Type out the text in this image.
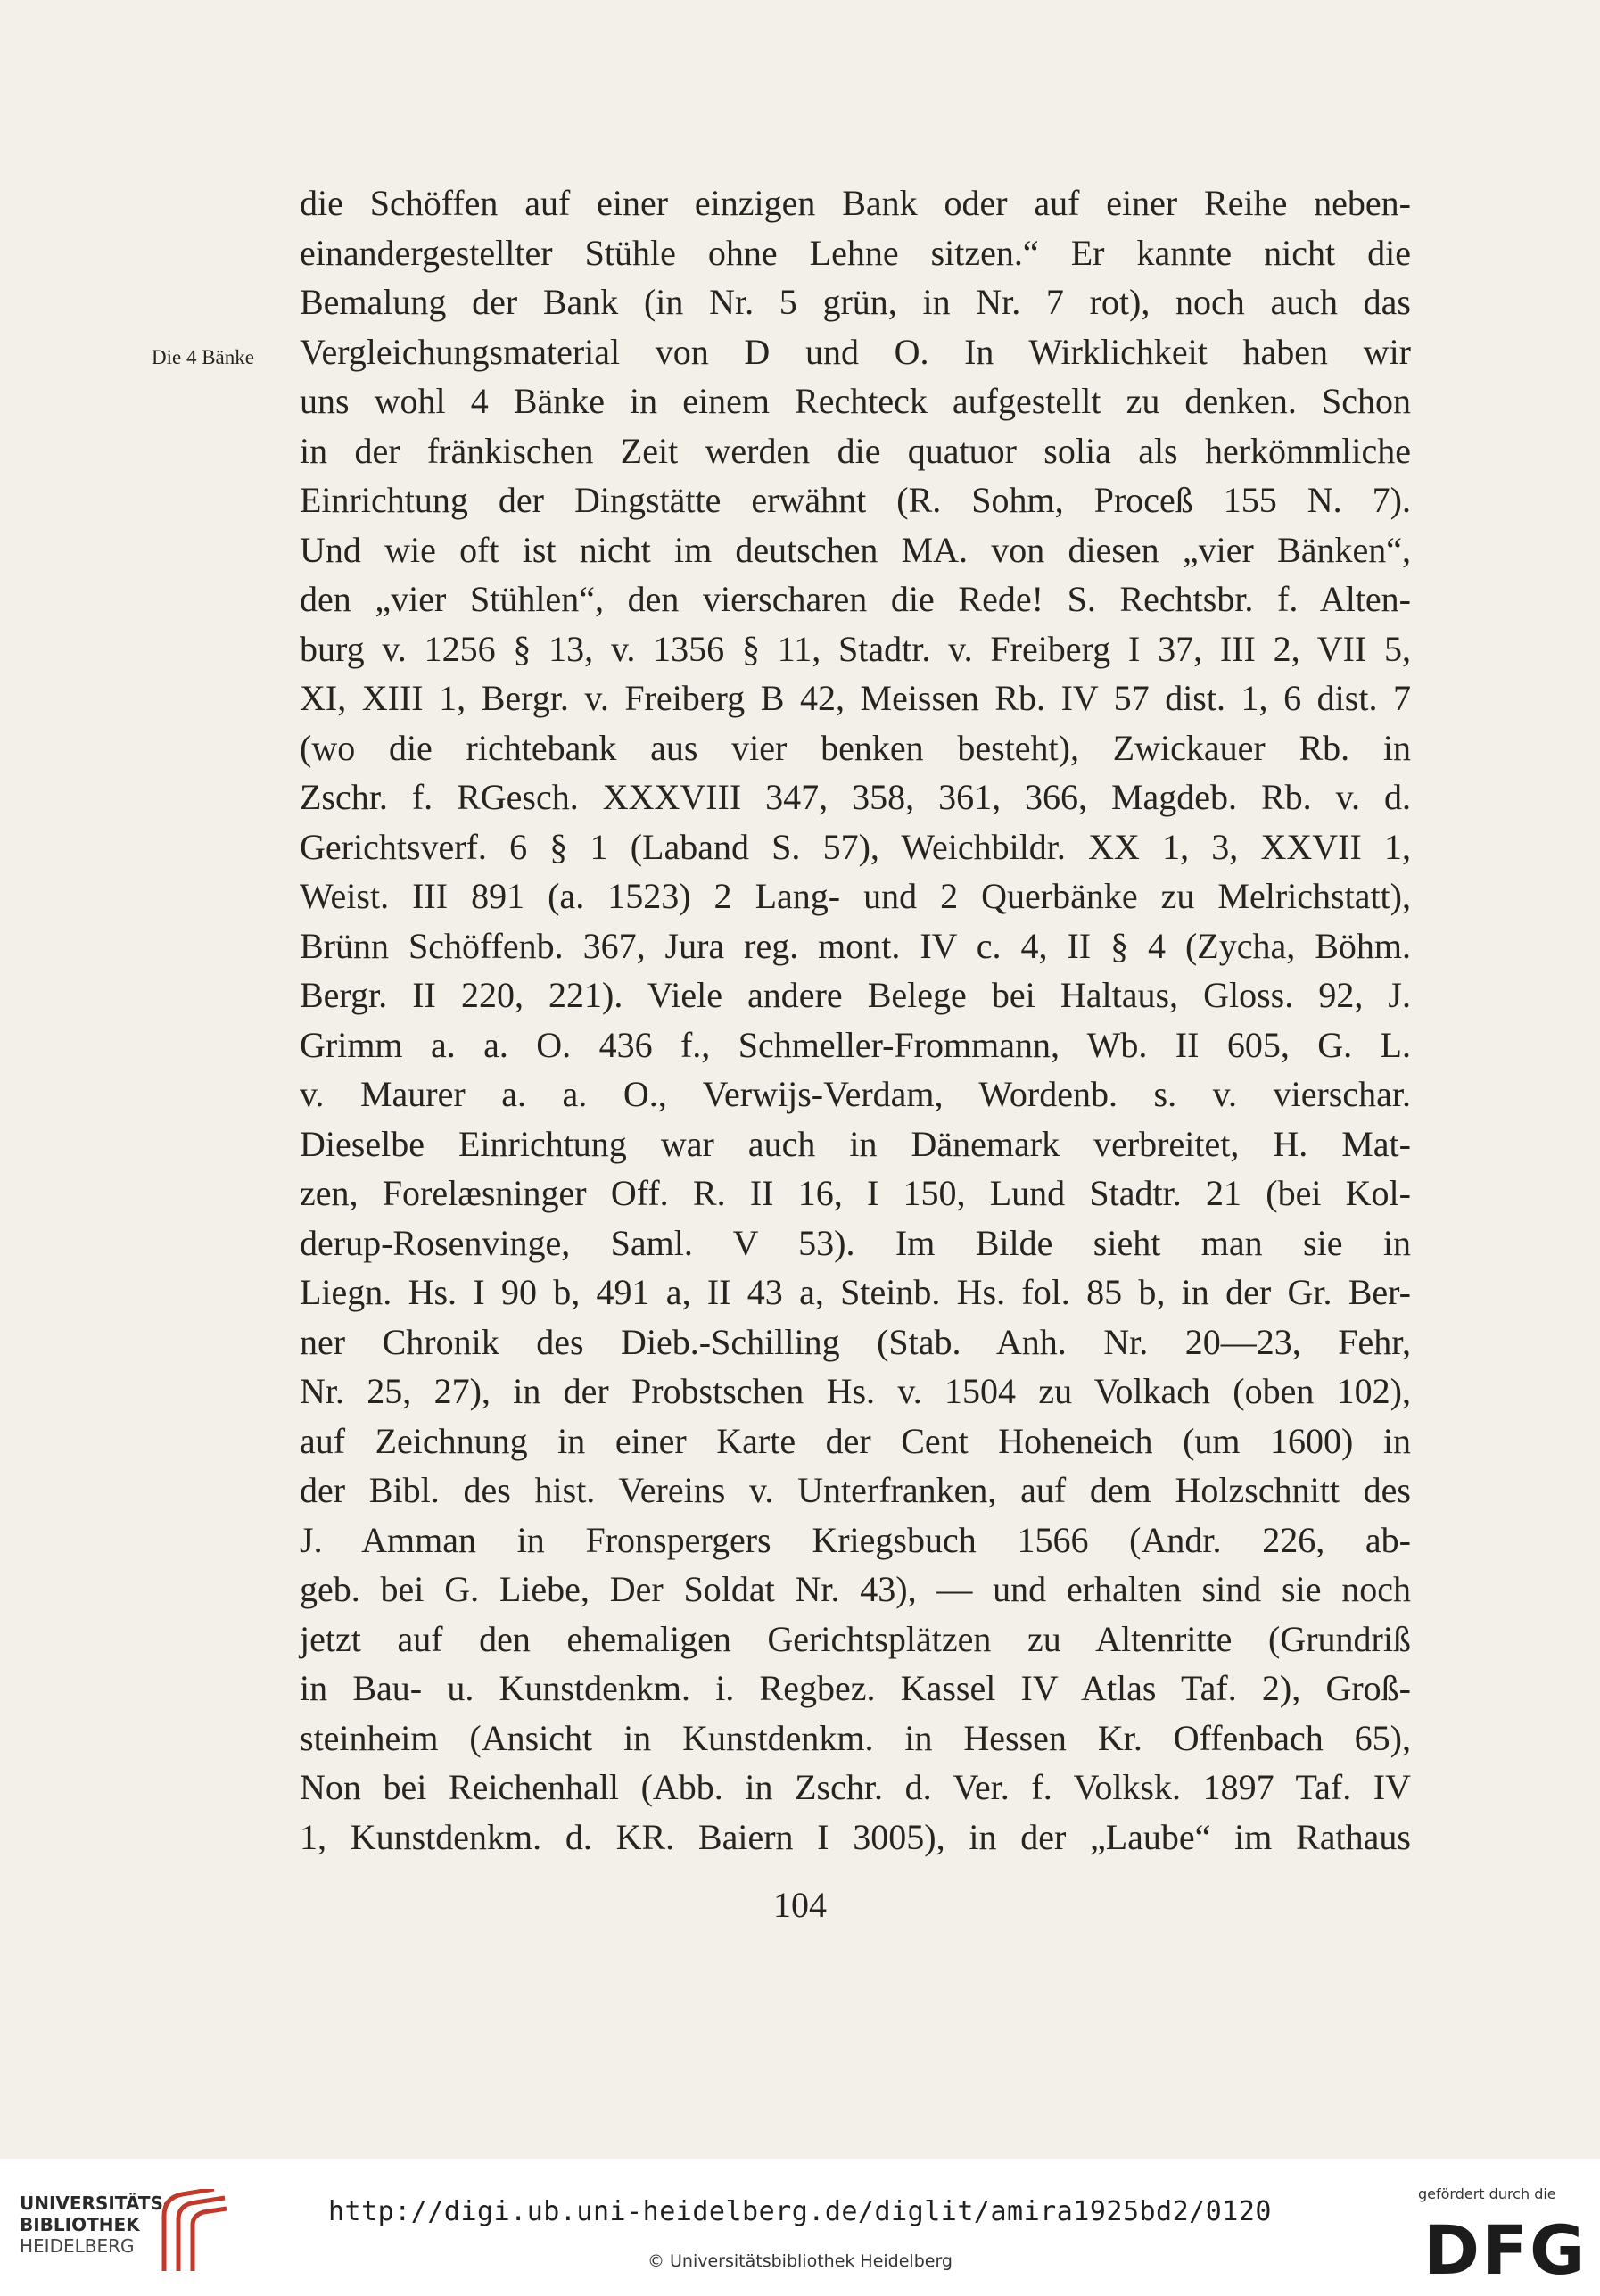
Die 4 Bänke
die Schöffen auf einer einzigen Bank oder auf einer Reihe neben-
einandergestellter Stühle ohne Lehne sitzen.“ Er kannte nicht die
Bemalung der Bank (in Nr. 5 grün, in Nr. 7 rot), noch auch das
Vergleichungsmaterial von D und O. In Wirklichkeit haben wir
uns wohl 4 Bänke in einem Rechteck aufgestellt zu denken. Schon
in der fränkischen Zeit werden die quatuor solia als herkömmliche
Einrichtung der Dingstätte erwähnt (R. Sohm, Proceß 155 N. 7).
Und wie oft ist nicht im deutschen MA. von diesen „vier Bänken“,
den „vier Stühlen“, den vierscharen die Rede! S. Rechtsbr. f. Alten-
burg v. 1256 § 13, v. 1356 § 11, Stadtr. v. Freiberg I 37, III 2, VII 5,
XI, XIII 1, Bergr. v. Freiberg B 42, Meissen Rb. IV 57 dist. 1, 6 dist. 7
(wo die richtebank aus vier benken besteht), Zwickauer Rb. in
Zschr. f. RGesch. XXXVIII 347, 358, 361, 366, Magdeb. Rb. v. d.
Gerichtsverf. 6 § 1 (Laband S. 57), Weichbildr. XX 1, 3, XXVII 1,
Weist. III 891 (a. 1523) 2 Lang- und 2 Querbänke zu Melrichstatt),
Brünn Schöffenb. 367, Jura reg. mont. IV c. 4, II § 4 (Zycha, Böhm.
Bergr. II 220, 221). Viele andere Belege bei Haltaus, Gloss. 92, J.
Grimm a. a. O. 436 f., Schmeller-Frommann, Wb. II 605, G. L.
v. Maurer a. a. O., Verwijs-Verdam, Wordenb. s. v. vierschar.
Dieselbe Einrichtung war auch in Dänemark verbreitet, H. Mat-
zen, Forelæsninger Off. R. II 16, I 150, Lund Stadtr. 21 (bei Kol-
derup-Rosenvinge, Saml. V 53). Im Bilde sieht man sie in
Liegn. Hs. I 90 b, 491 a, II 43 a, Steinb. Hs. fol. 85 b, in der Gr. Ber-
ner Chronik des Dieb.-Schilling (Stab. Anh. Nr. 20—23, Fehr,
Nr. 25, 27), in der Probstschen Hs. v. 1504 zu Volkach (oben 102),
auf Zeichnung in einer Karte der Cent Hoheneich (um 1600) in
der Bibl. des hist. Vereins v. Unterfranken, auf dem Holzschnitt des
J. Amman in Fronspergers Kriegsbuch 1566 (Andr. 226, ab-
geb. bei G. Liebe, Der Soldat Nr. 43), — und erhalten sind sie noch
jetzt auf den ehemaligen Gerichtsplätzen zu Altenritte (Grundriß
in Bau- u. Kunstdenkm. i. Regbez. Kassel IV Atlas Taf. 2), Groß-
steinheim (Ansicht in Kunstdenkm. in Hessen Kr. Offenbach 65),
Non bei Reichenhall (Abb. in Zschr. d. Ver. f. Volksk. 1897 Taf. IV
1, Kunstdenkm. d. KR. Baiern I 3005), in der „Laube“ im Rathaus
104
UNIVERSITÄTS-
BIBLIOTHEK
HEIDELBERG
http://digi.ub.uni-heidelberg.de/diglit/amira1925bd2/0120
© Universitätsbibliothek Heidelberg
gefördert durch die
DFG
